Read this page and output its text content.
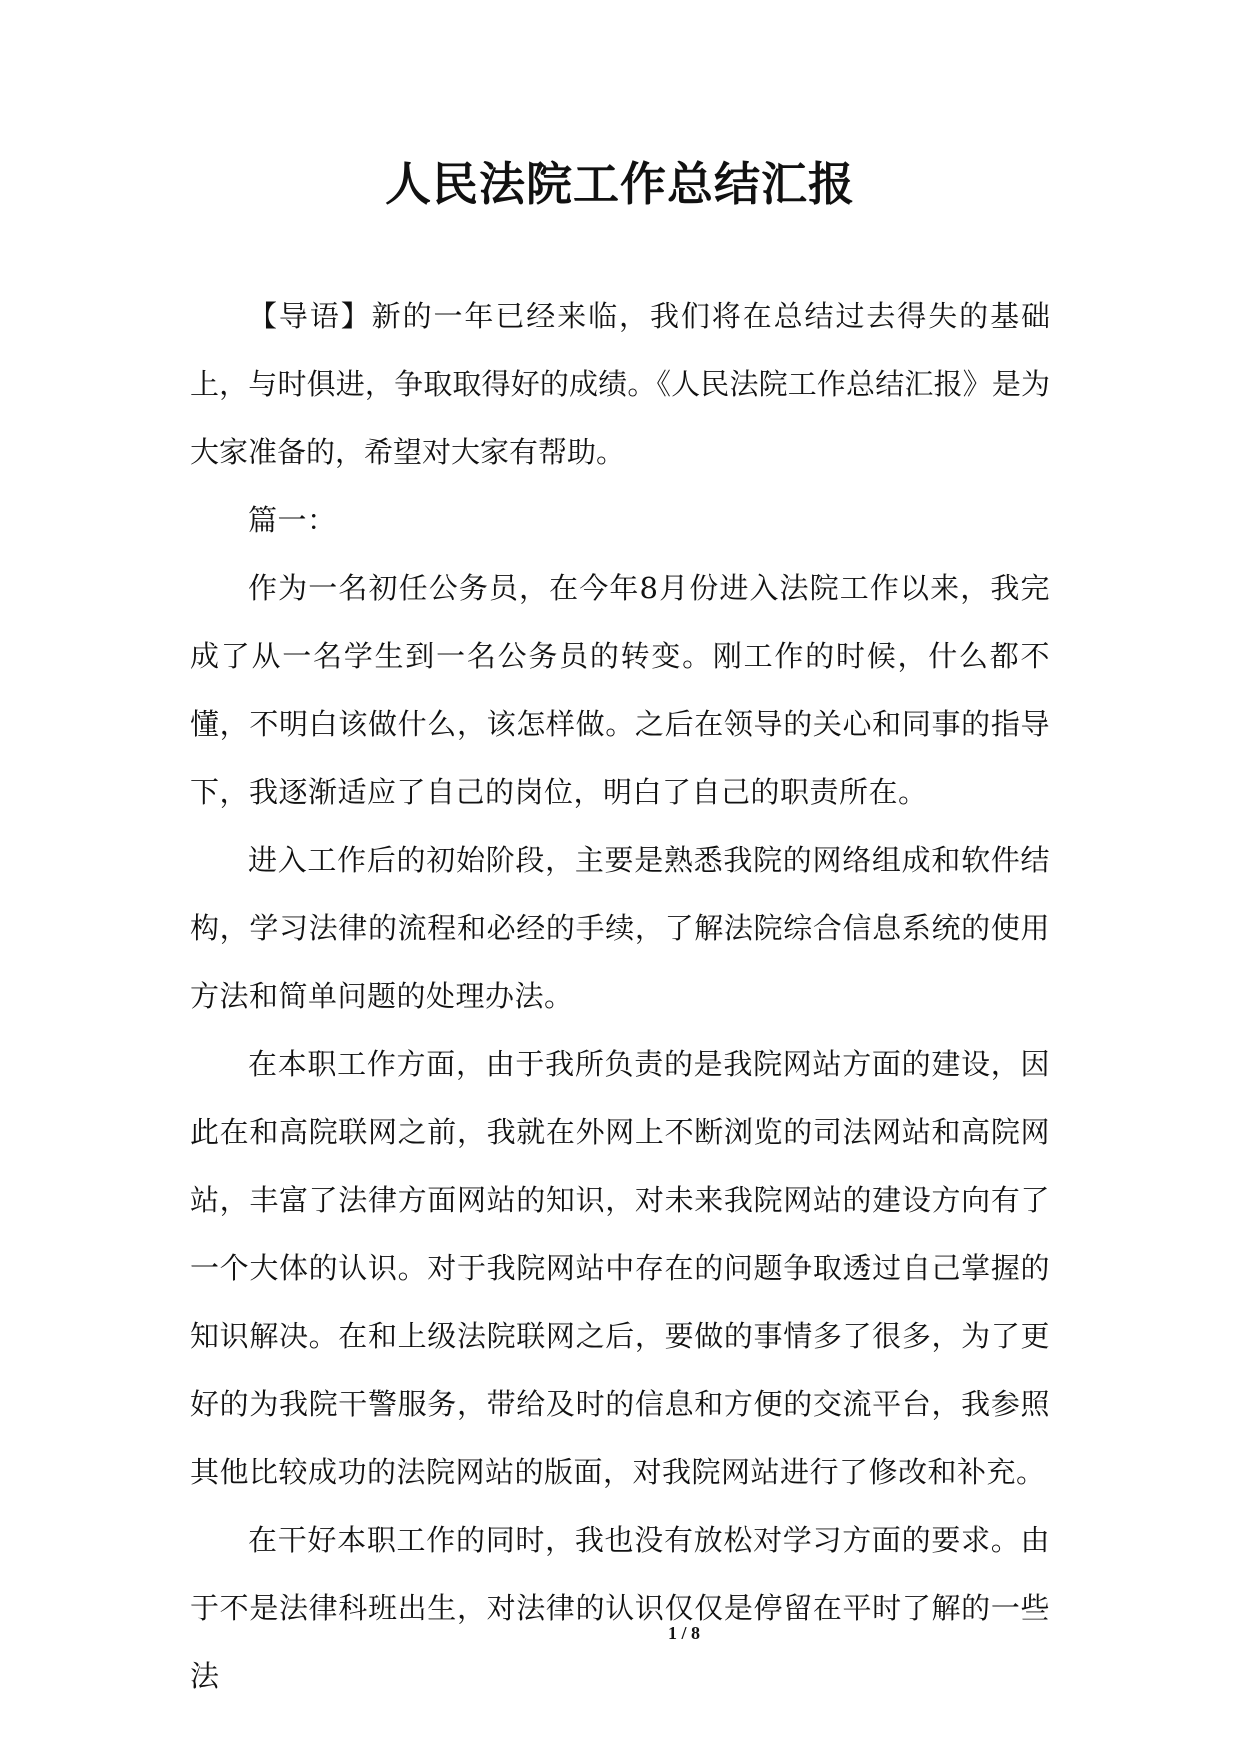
人民法院工作总结汇报

【导语】新的一年已经来临，我们将在总结过去得失的基础上，与时俱进，争取取得好的成绩。《人民法院工作总结汇报》是为大家准备的，希望对大家有帮助。

篇一：

作为一名初任公务员，在今年8月份进入法院工作以来，我完成了从一名学生到一名公务员的转变。刚工作的时候，什么都不懂，不明白该做什么，该怎样做。之后在领导的关心和同事的指导下，我逐渐适应了自己的岗位，明白了自己的职责所在。

进入工作后的初始阶段，主要是熟悉我院的网络组成和软件结构，学习法律的流程和必经的手续，了解法院综合信息系统的使用方法和简单问题的处理办法。

在本职工作方面，由于我所负责的是我院网站方面的建设，因此在和高院联网之前，我就在外网上不断浏览的司法网站和高院网站，丰富了法律方面网站的知识，对未来我院网站的建设方向有了一个大体的认识。对于我院网站中存在的问题争取透过自己掌握的知识解决。在和上级法院联网之后，要做的事情多了很多，为了更好的为我院干警服务，带给及时的信息和方便的交流平台，我参照其他比较成功的法院网站的版面，对我院网站进行了修改和补充。

在干好本职工作的同时，我也没有放松对学习方面的要求。由于不是法律科班出生，对法律的认识仅仅是停留在平时了解的一些法

1 / 8
